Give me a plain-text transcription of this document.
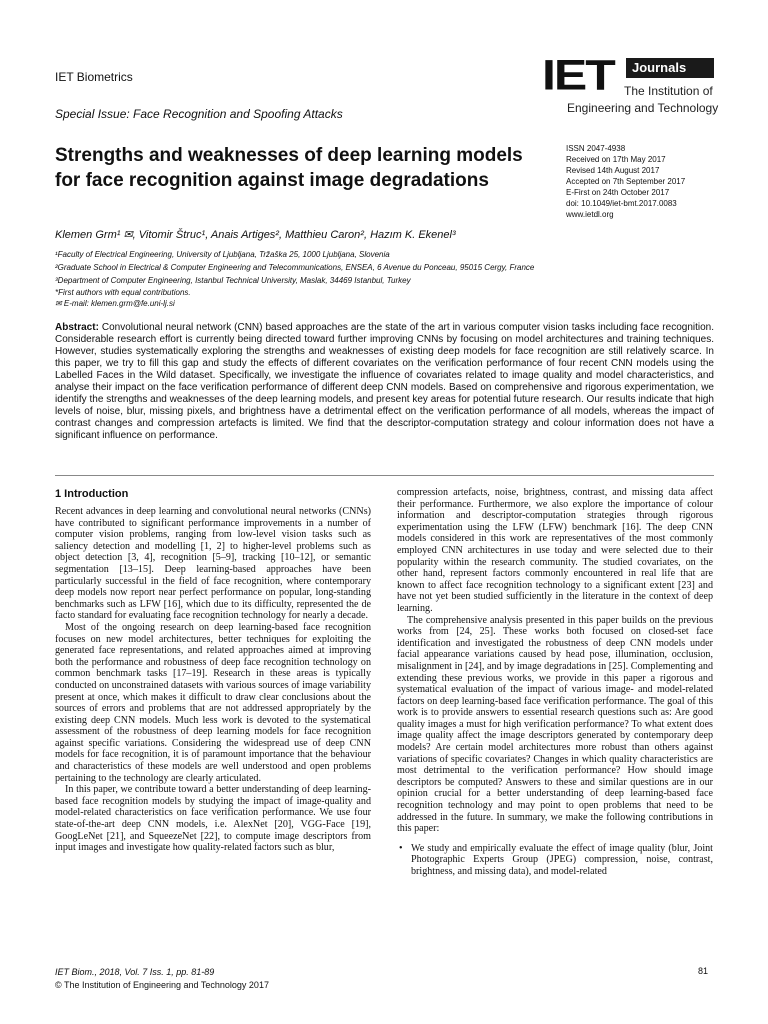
IET Biometrics
Special Issue: Face Recognition and Spoofing Attacks
IET	Journals
The Institution of
Engineering and Technology
Strengths and weaknesses of deep learning models for face recognition against image degradations
ISSN 2047-4938
Received on 17th May 2017
Revised 14th August 2017
Accepted on 7th September 2017
E-First on 24th October 2017
doi: 10.1049/iet-bmt.2017.0083
www.ietdl.org
Klemen Grm¹ ✉, Vitomir Štruc¹, Anais Artiges², Matthieu Caron², Hazım K. Ekenel³
¹Faculty of Electrical Engineering, University of Ljubljana, Tržaška 25, 1000 Ljubljana, Slovenia
²Graduate School in Electrical & Computer Engineering and Telecommunications, ENSEA, 6 Avenue du Ponceau, 95015 Cergy, France
³Department of Computer Engineering, Istanbul Technical University, Maslak, 34469 Istanbul, Turkey
*First authors with equal contributions.
✉ E-mail: klemen.grm@fe.uni-lj.si
Abstract: Convolutional neural network (CNN) based approaches are the state of the art in various computer vision tasks including face recognition. Considerable research effort is currently being directed toward further improving CNNs by focusing on model architectures and training techniques. However, studies systematically exploring the strengths and weaknesses of existing deep models for face recognition are still relatively scarce. In this paper, we try to fill this gap and study the effects of different covariates on the verification performance of four recent CNN models using the Labelled Faces in the Wild dataset. Specifically, we investigate the influence of covariates related to image quality and model characteristics, and analyse their impact on the face verification performance of different deep CNN models. Based on comprehensive and rigorous experimentation, we identify the strengths and weaknesses of the deep learning models, and present key areas for potential future research. Our results indicate that high levels of noise, blur, missing pixels, and brightness have a detrimental effect on the verification performance of all models, whereas the impact of contrast changes and compression artefacts is limited. We find that the descriptor-computation strategy and colour information does not have a significant influence on performance.
1 Introduction

Recent advances in deep learning and convolutional neural networks (CNNs) have contributed to significant performance improvements in a number of computer vision problems, ranging from low-level vision tasks such as saliency detection and modelling [1, 2] to higher-level problems such as object detection [3, 4], recognition [5–9], tracking [10–12], or semantic segmentation [13–15]. Deep learning-based approaches have been particularly successful in the field of face recognition, where contemporary deep models now report near perfect performance on popular, long-standing benchmarks such as LFW [16], which due to its difficulty, represented the de facto standard for evaluating face recognition technology for nearly a decade.

Most of the ongoing research on deep learning-based face recognition focuses on new model architectures, better techniques for exploiting the generated face representations, and related approaches aimed at improving both the performance and robustness of deep face recognition technology on common benchmark tasks [17–19]. Research in these areas is typically conducted on unconstrained datasets with various sources of image variability present at once, which makes it difficult to draw clear conclusions about the sources of errors and problems that are not addressed appropriately by the existing deep CNN models. Much less work is devoted to the systematical assessment of the robustness of deep learning models for face recognition against specific variations. Considering the widespread use of deep CNN models for face recognition, it is of paramount importance that the behaviour and characteristics of these models are well understood and open problems pertaining to the technology are clearly articulated.

In this paper, we contribute toward a better understanding of deep learning-based face recognition models by studying the impact of image-quality and model-related characteristics on face verification performance. We use four state-of-the-art deep CNN models, i.e. AlexNet [20], VGG-Face [19], GoogLeNet [21], and SqueezeNet [22], to compute image descriptors from input images and investigate how quality-related factors such as blur,

compression artefacts, noise, brightness, contrast, and missing data affect their performance. Furthermore, we also explore the importance of colour information and descriptor-computation strategies through rigorous experimentation using the LFW (LFW) benchmark [16]. The deep CNN models considered in this work are representatives of the most commonly employed CNN architectures in use today and were selected due to their popularity within the research community. The studied covariates, on the other hand, represent factors commonly encountered in real life that are known to affect face recognition technology to a significant extent [23] and have not yet been studied sufficiently in the literature in the context of deep learning.

The comprehensive analysis presented in this paper builds on the previous works from [24, 25]. These works both focused on closed-set face identification and investigated the robustness of deep CNN models under facial appearance variations caused by head pose, illumination, occlusion, misalignment in [24], and by image degradations in [25]. Complementing and extending these previous works, we provide in this paper a rigorous and systematical evaluation of the impact of various image- and model-related factors on deep learning-based face verification performance. The goal of this work is to provide answers to essential research questions such as: Are good quality images a must for high verification performance? To what extent does image quality affect the image descriptors generated by contemporary deep models? Are certain model architectures more robust than others against variations of specific covariates? Changes in which quality characteristics are most detrimental to the verification performance? How should image descriptors be computed? Answers to these and similar questions are in our opinion crucial for a better understanding of deep learning-based face recognition technology and may point to open problems that need to be addressed in the future. In summary, we make the following contributions in this paper:

• We study and empirically evaluate the effect of image quality (blur, Joint Photographic Experts Group (JPEG) compression, noise, contrast, brightness, and missing data), and model-related
IET Biom., 2018, Vol. 7 Iss. 1, pp. 81-89
© The Institution of Engineering and Technology 2017
81
